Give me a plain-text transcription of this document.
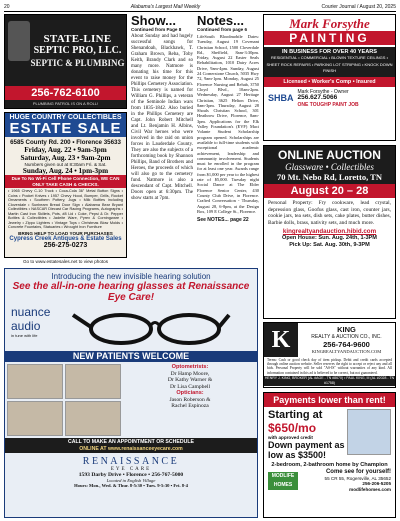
20	Alabama's Largest Mail Weekly	Courier Journal / August 20, 2025
STATE-LINE
SEPTIC PRO, LLC.
SEPTIC & PLUMBING
256-762-6100
PLUMBING PATROL IS ON A ROLL!
HUGE COUNTRY COLLECTIBLES
ESTATE SALE
6585 County Rd. 200 • Florence 35633
Friday, Aug. 22 • 9am-3pm
Saturday, Aug. 23 • 9am-2pm
Numbers given out at 8:30am Fri. & Sat.
Sunday, Aug. 24 • 1pm-3pm
Due To No Wi-Fi Cell Phone Connection, WE CAN ONLY TAKE CASH & CHECKS.
• 1965 Chevy C-10 Truck • Coca-Cola 36" Metal Button Signs • Coins • Pocket Knives • 1957 Chevy Hood, Bumper, Grills, Rocket Ornaments • Southern Pottery, Jugs • Milk Bottles including Cloverdale • Sunbeam Bread Door Sign • Alabama Bear Bryant Collectibles • NASCAR Diecast Car Racing Programs, Autographs • Martin Cast Iron Skillets, Pots, #8 Lid • Coke, Pepsi & Dr. Pepper Bottles & Collectibles • Jadeite Ware, Pyrex & Corningware • Jewelry • Zippo Lighters • Vintage Toys • Christmas Blow Molds • Concrete Fountains, Statuaries • Wrought Iron Furniture
BRING HELP TO LOAD YOUR PURCHASES
Cypress Creek Antiques & Estate Sales
256-275-0273
Go to www.estatesales.net to view photos
Show...
Continued from Page 8
About Sunday and had hugely successful songs for Shenandoah, Blackhawk, T. Graham Brown, Reba, Toby Keith, Brandy Clark and so many more. Natmore is donating his time for this event to raise money for the Phillips Cemetery Association. This cemetery is named for William G. Phillips, a veteran of the Seminole Indian wars from 1835-1842. Also buried in the Phillips Cemetery are Capt. John Robert Mitchell and Lt. Benjamin H. Albins, Civil War heroes who were involved in the raid on union forces in Lauderdale County. They are also the subjects of a forthcoming book by Shannon Phillips, Band of Brothers and Heroes, the proceeds of which will also go to the cemetery fund. Natmore is also a descendant of Capt. Mitchell. Doors open at 6:30pm. The show starts at 7pm.
Notes...
Continued from page 6
LifeSouth Bloodmobile Dates: Tuesday, August 19 Covenant Christian School, 1500 Cloverdale Rd., Sheffield, 8am-3:30pm. Friday, August 22 Easter Seals Rehabilitation, 1010 Dairy Acres Drive, 9am-4pm. Sunday, August 24 Cornerstone Church, 5035 Hwy 72, 9am-1pm. Monday, August 25 Florence Nursing and Rehab, 3750 Cloyd Blvd., 10am-2pm. Wednesday, August 27 Heritage Christian, 3625 Helton Drive, 8am-3pm. Thursday, August 28 Shoals Christian School, 301 Heathrow Drive, Florence, 8am-3pm. Applications for the Elk Valley Foundation's (EVF) Maci Volante Student Scholarship program opened. Scholarships are available to full-time students with exceptional academic achievement, leadership and community involvement. Students must be enrolled in the program for at least one year. Awards range from $1,000 per year to the highest rate of $5,000. Tuesday night Social Dance at The Elder Florence Senior Center, 430 County Club Drive, in Florence. Crafted Conversation - Thursday, August 28, 6-8pm, at the Design Box, 109 E College St., Florence.
See NOTES... page 22
Mark Forsythe
PAINTING
IN BUSINESS FOR OVER 40 YEARS
RESIDENTIAL • COMMERCIAL • BLOWN TEXTURE CEILINGS • SHEET ROCK REPAIRS • PARKING LOT STRIPING • KNOCK DOWN FINISH
Licensed • Worker's Comp • Insured
SHBA
Mark Forsythe - Owner
256.627.5066
ONE TOUGHP PAINT JOB
ONLINE AUCTION
Glassware • Collectibles
70 Mt. Nebo Rd, Loretto, TN
August 20 – 28
Personal Property: Fry cookware, lead crystal, depression glass, Goofus glass, cast iron, counter jars, cookie jars, tea sets, dish sets, cake plates, butter dishes, Barbie dolls, brass, nativity sets, and much more.
kingrealtyandauction.hibid.com
Open House: Sun. Aug. 24th, 1-3PM
Pick Up: Sat. Aug. 30th, 9-3PM
K	KING
REALTY & AUCTION CO., INC.
256-764-9600
KINGREALTYANDAUCTION.COM
Terms: Cash or good check day of item pickup. Debit and credit cards accepted through online auction website. Seller reserves the right to accept or reject any and all bids. Personal Property will be sold "AS-IS" without warranties of any kind. All information contained in this ad is believed to be correct, but not guaranteed.
HENRY J. KING, BROKER (AL #AGE - TN #8670) • PAUL KING, III (AL #2028 - TN #1758)
Introducing the new invisible hearing solution
See the all-in-one hearing glasses at Renaissance Eye Care!
nuance audio
in tune with life
NEW PATIENTS WELCOME
Optometrists:
Dr Hamp Moore,
Dr Kathy Warner &
Dr Lisa Campbell
Opticians:
Jason Roberson &
Rachel Espinoza
CALL TO MAKE AN APPOINTMENT OR SCHEDULE
ONLINE AT www.renaissanceeyecare.com
RENAISSANCE
EYE CARE
1593 Darby Drive • Florence • 256-767-5000
Located in English Village
Hours: Mon., Wed. & Thur. 8-5:30 • Tues. 9-5:30 • Fri. 8-4
Payments lower than rent!
Starting at
$650/mo
with approved credit
Down payment as low as $3500!
2-bedroom, 2-bathroom home by Champion
MODLIFE HOMES
Come see for yourself!
55 CR 55, Rogersville, AL 35652
256-206-5205
modlifehomes.com
